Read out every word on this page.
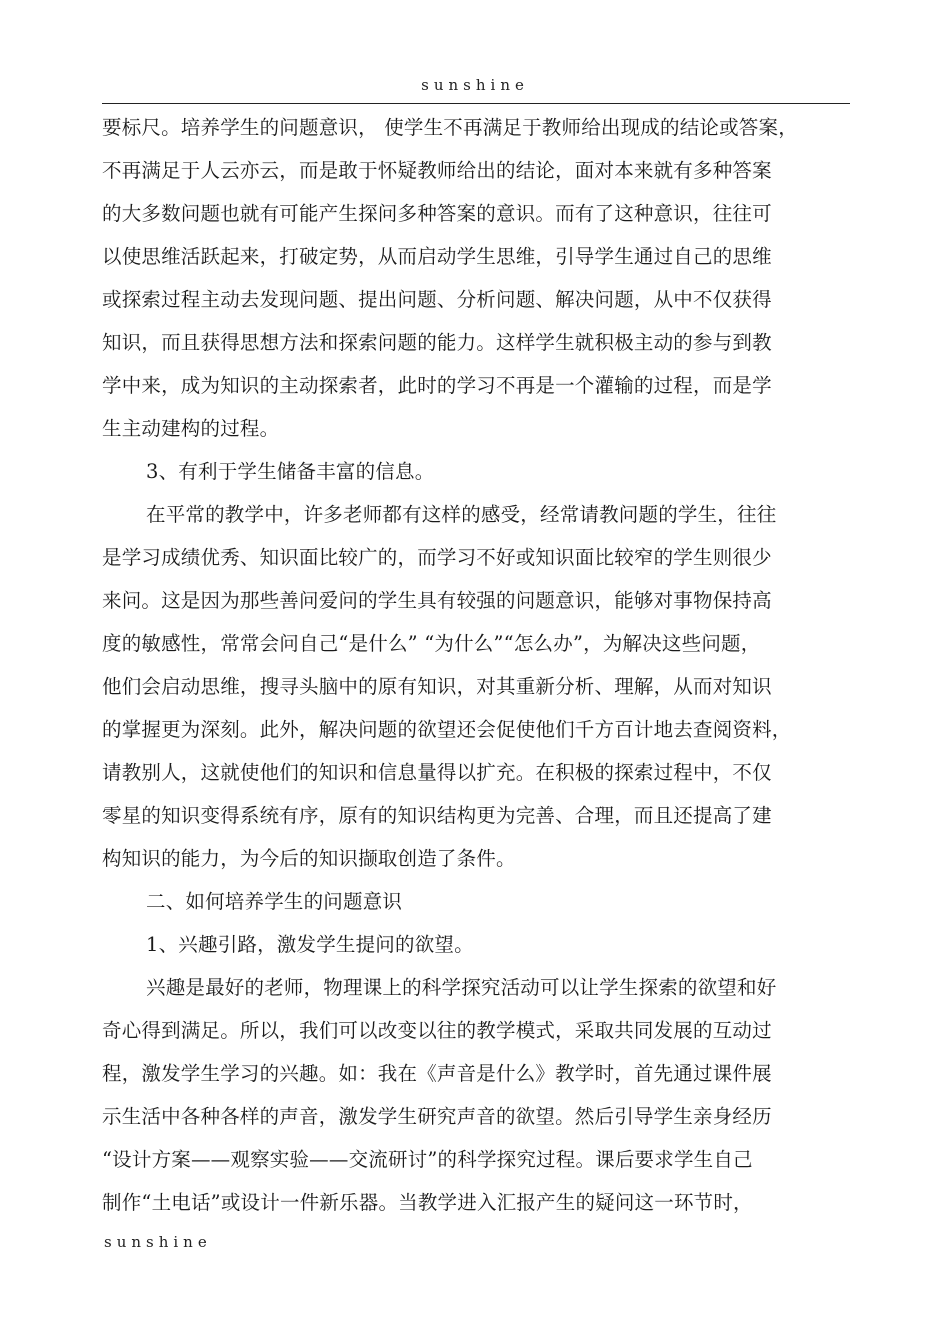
sunshine
要标尺。培养学生的问题意识， 使学生不再满足于教师给出现成的结论或答案，
不再满足于人云亦云，而是敢于怀疑教师给出的结论，面对本来就有多种答案
的大多数问题也就有可能产生探问多种答案的意识。而有了这种意识，往往可
以使思维活跃起来，打破定势，从而启动学生思维，引导学生通过自己的思维
或探索过程主动去发现问题、提出问题、分析问题、解决问题，从中不仅获得
知识，而且获得思想方法和探索问题的能力。这样学生就积极主动的参与到教
学中来，成为知识的主动探索者，此时的学习不再是一个灌输的过程，而是学
生主动建构的过程。
3、有利于学生储备丰富的信息。
在平常的教学中，许多老师都有这样的感受，经常请教问题的学生，往往
是学习成绩优秀、知识面比较广的，而学习不好或知识面比较窄的学生则很少
来问。这是因为那些善问爱问的学生具有较强的问题意识，能够对事物保持高
度的敏感性，常常会问自己“是什么” “为什么”“怎么办”，为解决这些问题，
他们会启动思维，搜寻头脑中的原有知识，对其重新分析、理解，从而对知识
的掌握更为深刻。此外，解决问题的欲望还会促使他们千方百计地去查阅资料，
请教别人，这就使他们的知识和信息量得以扩充。在积极的探索过程中，不仅
零星的知识变得系统有序，原有的知识结构更为完善、合理，而且还提高了建
构知识的能力，为今后的知识撷取创造了条件。
二、如何培养学生的问题意识
1、兴趣引路，激发学生提问的欲望。
兴趣是最好的老师，物理课上的科学探究活动可以让学生探索的欲望和好
奇心得到满足。所以，我们可以改变以往的教学模式，采取共同发展的互动过
程，激发学生学习的兴趣。如：我在《声音是什么》教学时，首先通过课件展
示生活中各种各样的声音，激发学生研究声音的欲望。然后引导学生亲身经历
“设计方案——观察实验——交流研讨”的科学探究过程。课后要求学生自己
制作“土电话”或设计一件新乐器。当教学进入汇报产生的疑问这一环节时，
sunshine
